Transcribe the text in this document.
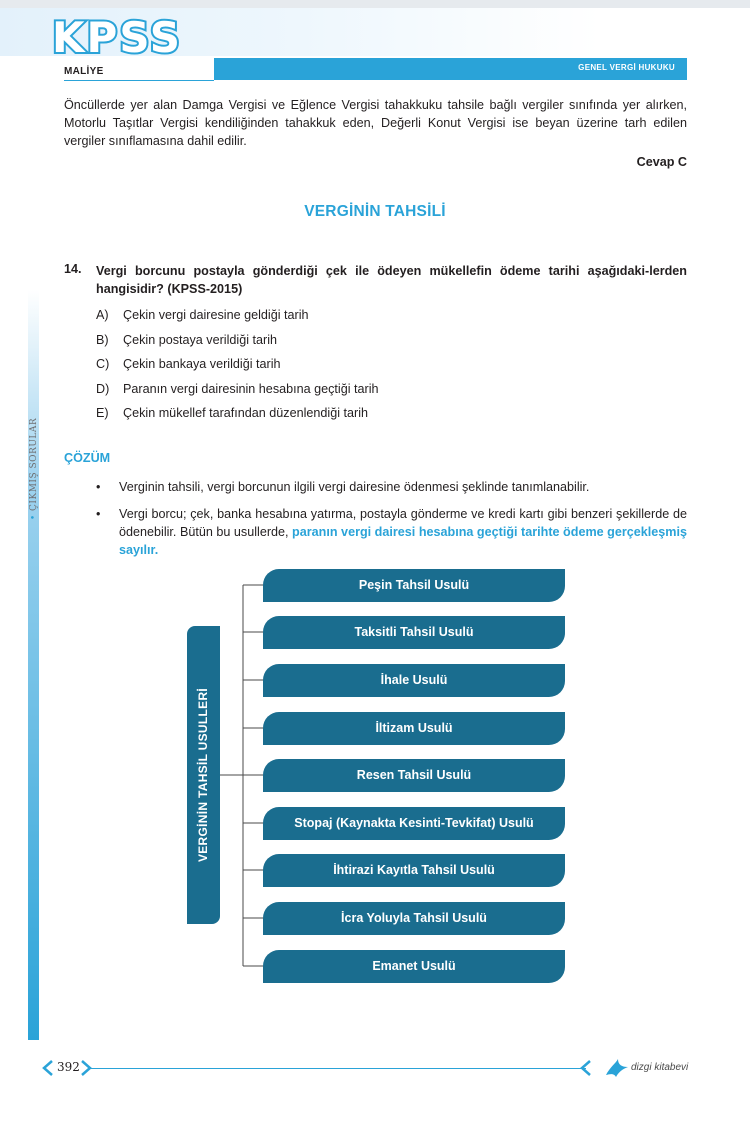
KPSS
MALİYE	GENEL VERGİ HUKUKU
• ÇIKMIŞ SORULAR

Öncüllerde yer alan Damga Vergisi ve Eğlence Vergisi tahakkuku tahsile bağlı vergiler sınıfında yer alırken, Motorlu Taşıtlar Vergisi kendiliğinden tahakkuk eden, Değerli Konut Vergisi ise beyan üzerine tarh edilen vergiler sınıflamasına dahil edilir.

Cevap C
VERGİNİN TAHSİLİ
14. Vergi borcunu postayla gönderdiği çek ile ödeyen mükellefin ödeme tarihi aşağıdaki-lerden hangisidir? (KPSS-2015)

A) Çekin vergi dairesine geldiği tarih
B) Çekin postaya verildiği tarih
C) Çekin bankaya verildiği tarih
D) Paranın vergi dairesinin hesabına geçtiği tarih
E) Çekin mükellef tarafından düzenlendiği tarih
ÇÖZÜM
• Verginin tahsili, vergi borcunun ilgili vergi dairesine ödenmesi şeklinde tanımlanabilir.
• Vergi borcu; çek, banka hesabına yatırma, postayla gönderme ve kredi kartı gibi benzeri şekillerde de ödenebilir. Bütün bu usullerde, paranın vergi dairesi hesabına geçtiği tarihte ödeme gerçekleşmiş sayılır.
VERGİNİN TAHSİL USULLERİ
Peşin Tahsil Usulü
Taksitli Tahsil Usulü
İhale Usulü
İltizam Usulü
Resen Tahsil Usulü
Stopaj (Kaynakta Kesinti-Tevkifat) Usulü
İhtirazi Kayıtla Tahsil Usulü
İcra Yoluyla Tahsil Usulü
Emanet Usulü
392	dizgi kitabevi
